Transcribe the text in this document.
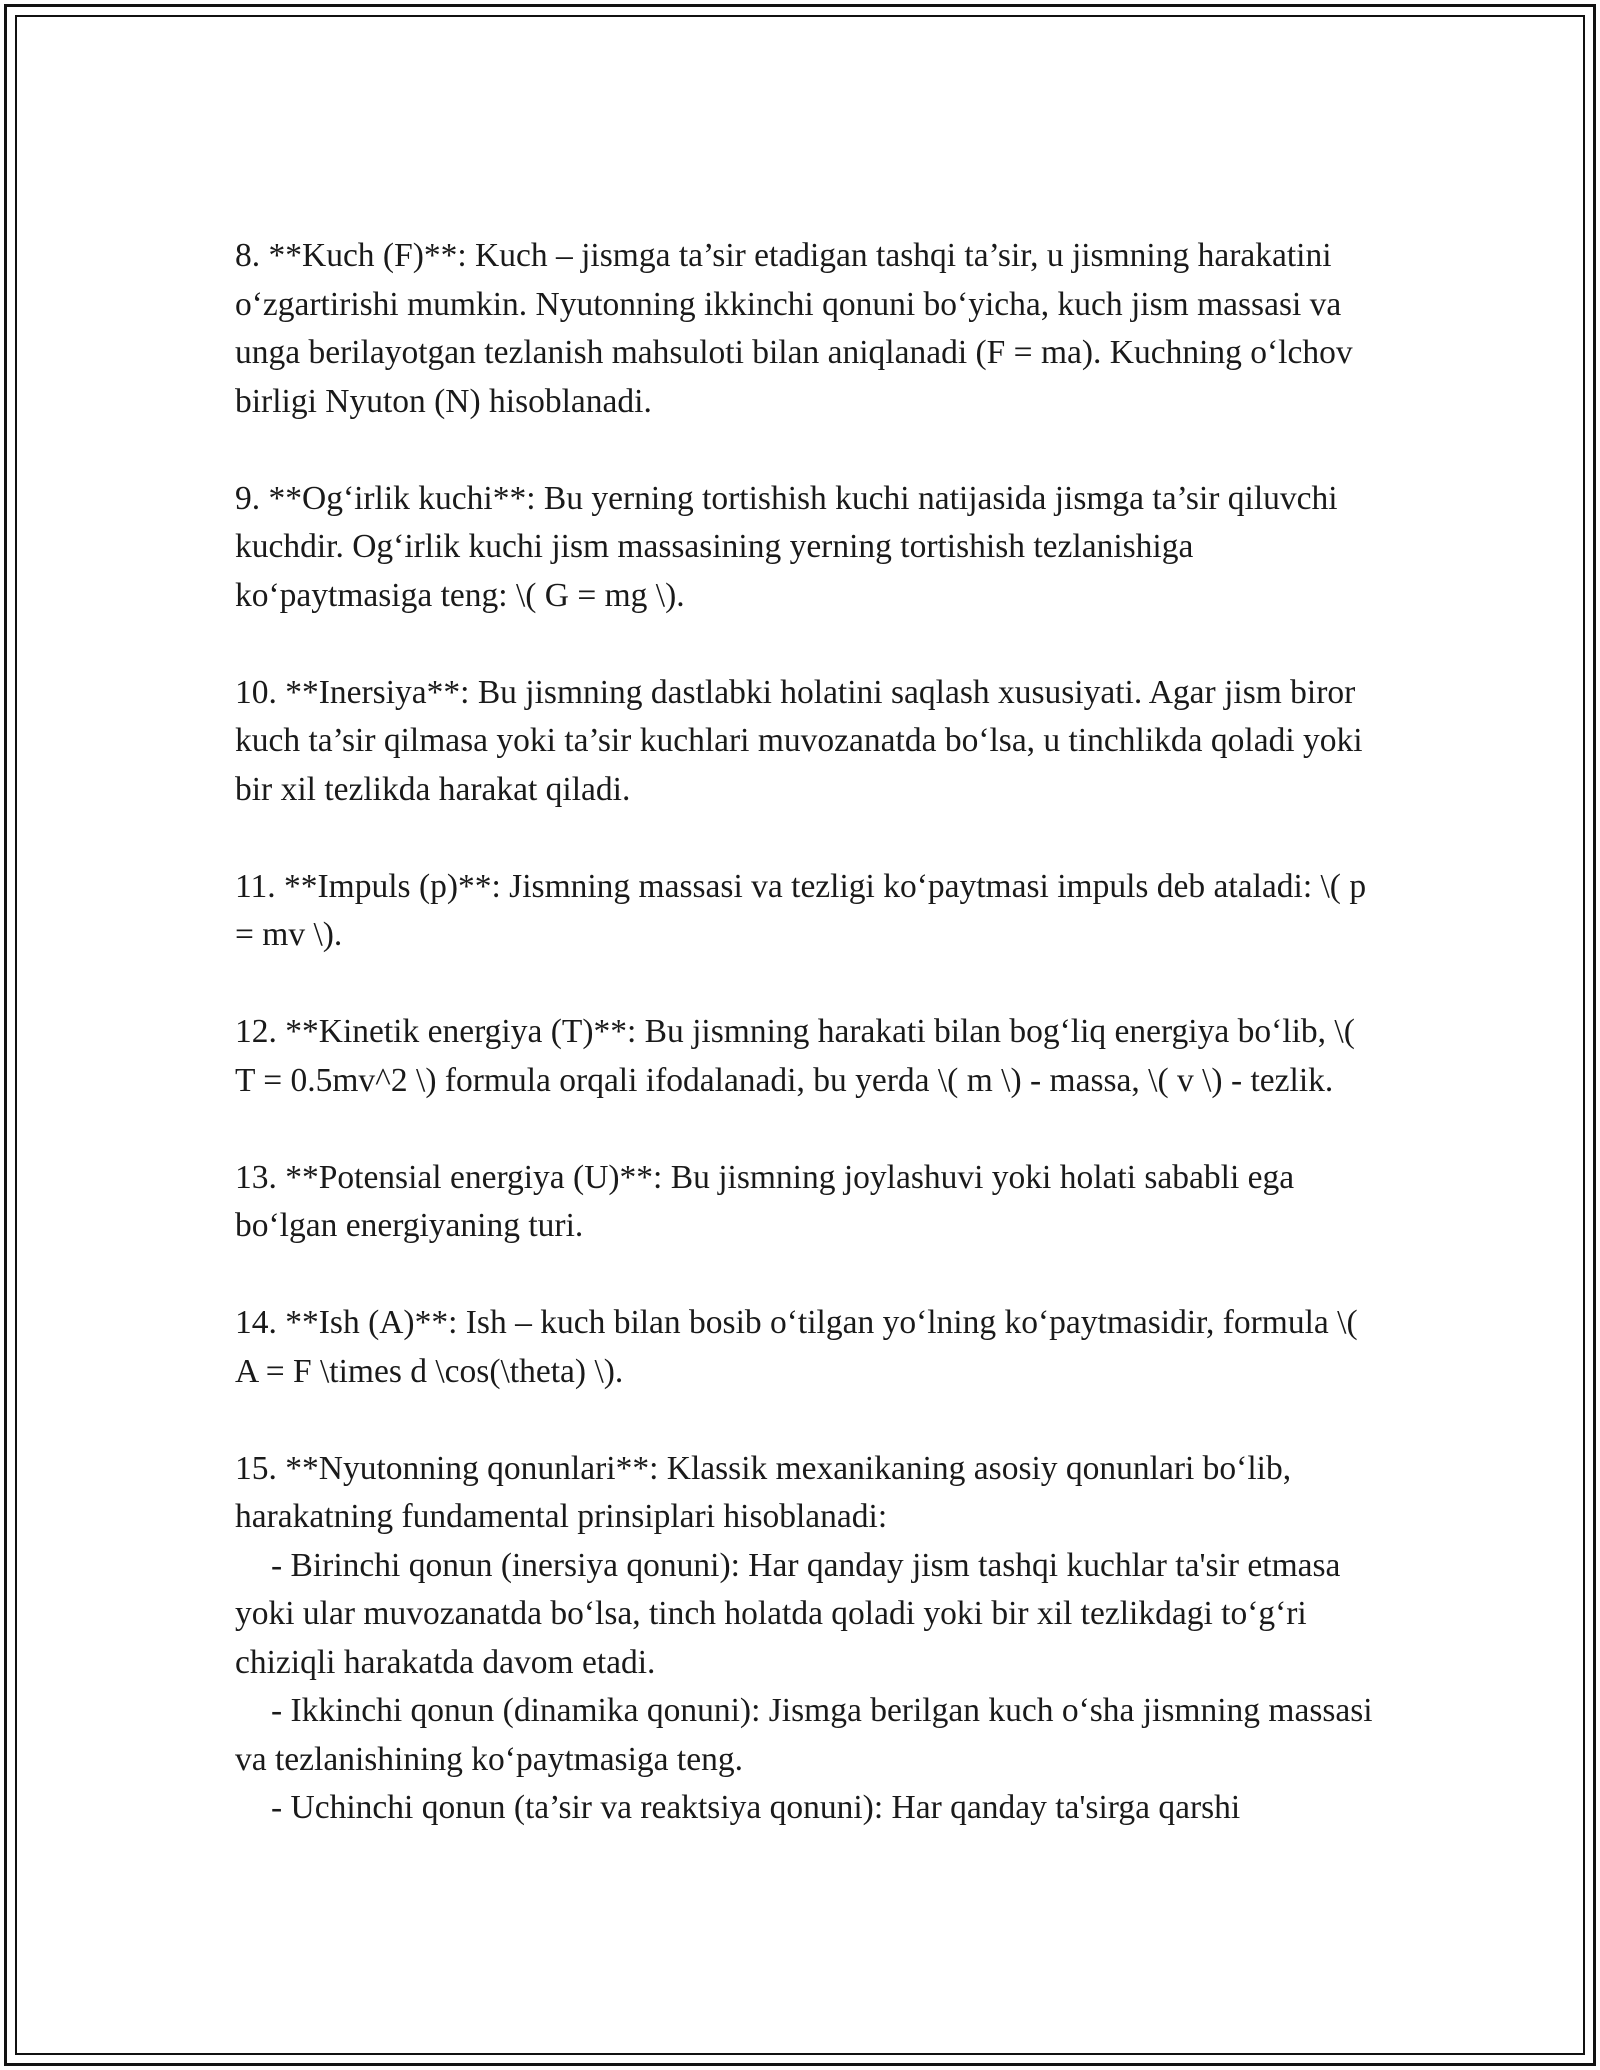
8. **Kuch (F)**: Kuch – jismga ta’sir etadigan tashqi ta’sir, u jismning harakatini o‘zgartirishi mumkin. Nyutonning ikkinchi qonuni bo‘yicha, kuch jism massasi va unga berilayotgan tezlanish mahsuloti bilan aniqlanadi (F = ma). Kuchning o‘lchov birligi Nyuton (N) hisoblanadi.

9. **Og‘irlik kuchi**: Bu yerning tortishish kuchi natijasida jismga ta’sir qiluvchi kuchdir. Og‘irlik kuchi jism massasining yerning tortishish tezlanishiga ko‘paytmasiga teng: \( G = mg \).

10. **Inersiya**: Bu jismning dastlabki holatini saqlash xususiyati. Agar jism biror kuch ta’sir qilmasa yoki ta’sir kuchlari muvozanatda bo‘lsa, u tinchlikda qoladi yoki bir xil tezlikda harakat qiladi.

11. **Impuls (p)**: Jismning massasi va tezligi ko‘paytmasi impuls deb ataladi: \( p = mv \).

12. **Kinetik energiya (T)**: Bu jismning harakati bilan bog‘liq energiya bo‘lib, \( T = 0.5mv^2 \) formula orqali ifodalanadi, bu yerda \( m \) - massa, \( v \) - tezlik.

13. **Potensial energiya (U)**: Bu jismning joylashuvi yoki holati sababli ega bo‘lgan energiyaning turi.

14. **Ish (A)**: Ish – kuch bilan bosib o‘tilgan yo‘lning ko‘paytmasidir, formula \( A = F \times d \cos(\theta) \).

15. **Nyutonning qonunlari**: Klassik mexanikaning asosiy qonunlari bo‘lib, harakatning fundamental prinsiplari hisoblanadi:

- Birinchi qonun (inersiya qonuni): Har qanday jism tashqi kuchlar ta'sir etmasa yoki ular muvozanatda bo‘lsa, tinch holatda qoladi yoki bir xil tezlikdagi to‘g‘ri chiziqli harakatda davom etadi.

- Ikkinchi qonun (dinamika qonuni): Jismga berilgan kuch o‘sha jismning massasi va tezlanishining ko‘paytmasiga teng.

- Uchinchi qonun (ta’sir va reaktsiya qonuni): Har qanday ta'sirga qarshi
